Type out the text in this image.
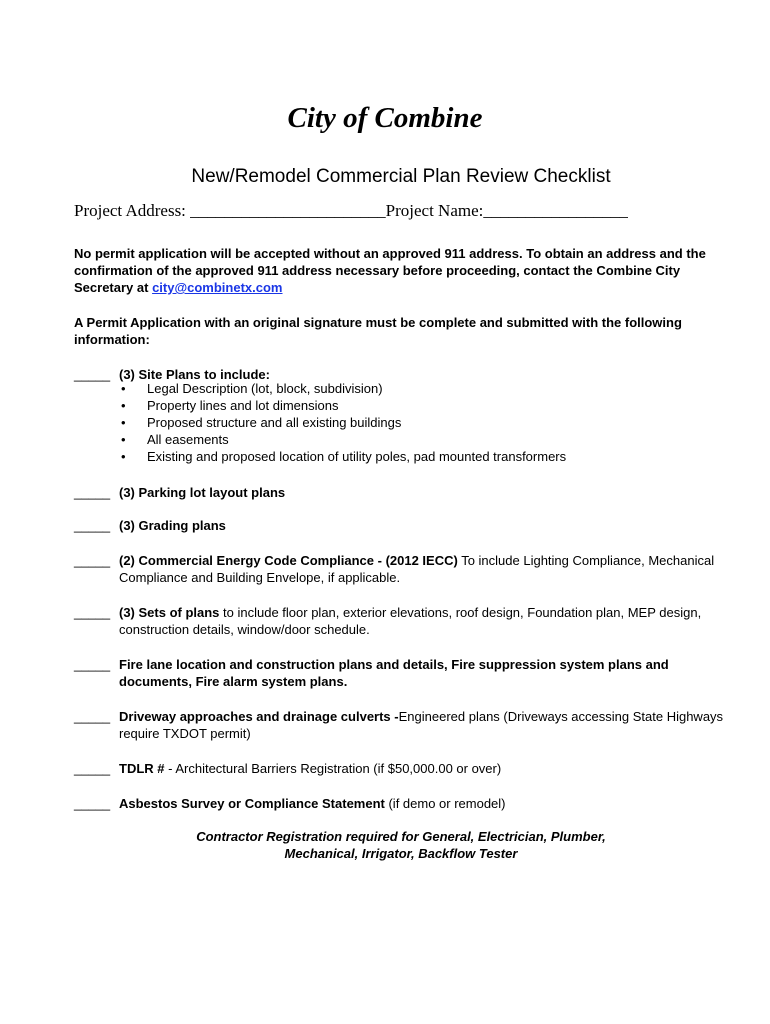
City of Combine
New/Remodel Commercial Plan Review Checklist
Project Address: _______________________Project Name:_________________
No permit application will be accepted without an approved 911 address. To obtain an address and the confirmation of the approved 911 address necessary before proceeding, contact the Combine City Secretary at city@combinetx.com
A Permit Application with an original signature must be complete and submitted with the following information:
_____ (3) Site Plans to include:
• Legal Description (lot, block, subdivision)
• Property lines and lot dimensions
• Proposed structure and all existing buildings
• All easements
• Existing and proposed location of utility poles, pad mounted transformers
_____ (3) Parking lot layout plans
_____ (3) Grading plans
_____ (2) Commercial Energy Code Compliance - (2012 IECC) To include Lighting Compliance, Mechanical Compliance and Building Envelope, if applicable.
_____ (3) Sets of plans to include floor plan, exterior elevations, roof design, Foundation plan, MEP design, construction details, window/door schedule.
_____ Fire lane location and construction plans and details, Fire suppression system plans and documents, Fire alarm system plans.
_____ Driveway approaches and drainage culverts -Engineered plans (Driveways accessing State Highways require TXDOT permit)
_____ TDLR # - Architectural Barriers Registration (if $50,000.00 or over)
_____ Asbestos Survey or Compliance Statement (if demo or remodel)
Contractor Registration required for General, Electrician, Plumber,
Mechanical, Irrigator, Backflow Tester
